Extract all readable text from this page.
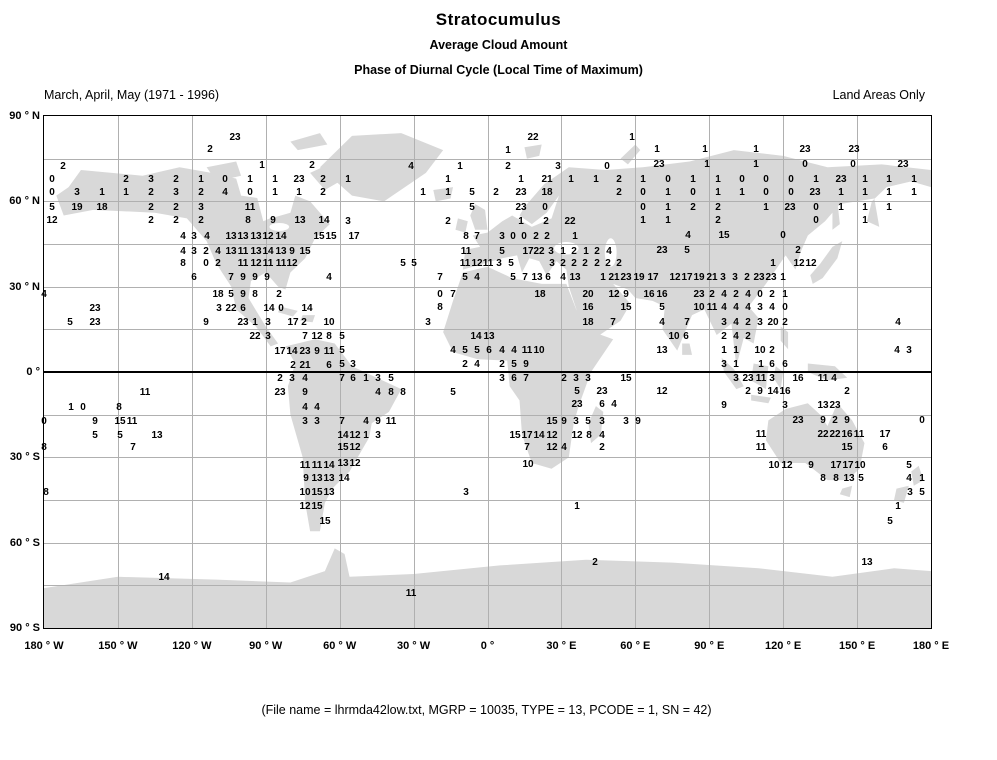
Stratocumulus
Average Cloud Amount
Phase of Diurnal Cycle (Local Time of Maximum)
March, April, May (1971 - 1996)	Land Areas Only
23	22	1
2	1	1	1	1	23	23
2	1	2	4	1	2	3	0	23	1	1	0	0	23
0	2 3 2 1 0 1 1 23 2 1	1	1 21 1 1 2 1 0 1 1 0 0 0 1 23 1 1 1
0 3 1 1 2 3 2 4 0 1 1 2	1 1 5 2 23 18	2 0 1 0 1 1 0 0 23 1 1 1 1
5 19 18	2 2 3	11	5	23 0	0 1 2 2	1 23 0 1 1 1
12	2 2 2	8 9 13 14 3	2	1 2 22	1 1	2	0	1
4 3 4 13 13 13 12 14	15 15 17	8 7 3 0 0 2 2 1	4	15	0
4 3 2 4 13 11 13 14 13 9 15	11	5 17 22 3 1 2 1 2 4	23 5	2
8 0 2 11 12 11 11 12	5 5	11 12 11 3 5	3 2 2 2 2 2 2	1 12 12
6	7 9 9 9	4	7 5 4	5 7 13 6 4 13 1 21 23 19 17 12 17 19 21 3 3 2 23 23 1
4	18 5 9 8 2	0 7	18	20 12 9 16 16	23 2 4 2 4 0 2 1
23	3 22 6 14 0 14	8	16	15	5	10 11 4 4 4 3 4 0
5 23	9	23 1 3 17 2 10	3	18 7	4 7	3 4 2 3 20 2	4
22 3	7 12 8 5	14 13	10 6	2 4 2
17 14 23 9 11 5	4 5 5 6 4 4 11 10	13	1 1 10 2	4 3
2 21 6 5 3	2 4 2 5 9	3 1 1 6 6
2 3 4	7 6 1 3 5	3 6 7	2 3 3	15	3 23 11 3 16 11 4
11	23 9	4 8 8	5	5 23	12	2 9 14 16	2
1 0	8	4 4	23 6 4	9	3	13 23
0	9 15 11	3 3 7 4 9 11	15 9 3 5 3 3 9	23 9 2 9	0
5 5	13	14 12 1 3	15 17 14 12 12 8 4	11	22 22 16 11 17
8	7	15 12	7 12 4	2	11	15	6
11 11 14 13 12	10	10 12 9 17 17 10	5
9 13 13 14	8 8 13 5	4 1
8	10 15 13	3	3 5
12 15	1	1
15	5
2	13
14
11
90 ° N
60 ° N
30 ° N
0 °
30 ° S
60 ° S
90 ° S
180 ° W	150 ° W	120 ° W	90 ° W	60 ° W	30 ° W	0 °	30 ° E	60 ° E	90 ° E	120 ° E	150 ° E	180 ° E
(File name = lhrmda42low.txt, MGRP = 10035, TYPE = 13, PCODE = 1, SN = 42)
